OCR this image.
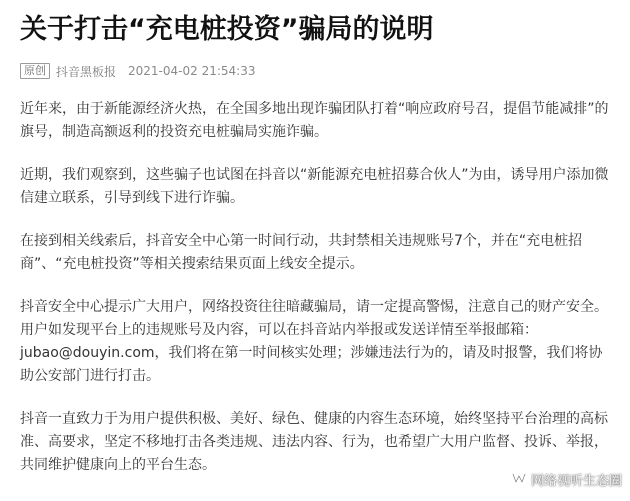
关于打击“充电桩投资”骗局的说明
原创 抖音黑板报 2021-04-02 21:54:33

近年来，由于新能源经济火热，在全国多地出现诈骗团队打着“响应政府号召，提倡节能减排”的旗号，制造高额返利的投资充电桩骗局实施诈骗。

近期，我们观察到，这些骗子也试图在抖音以“新能源充电桩招募合伙人”为由，诱导用户添加微信建立联系，引导到线下进行诈骗。

在接到相关线索后，抖音安全中心第一时间行动，共封禁相关违规账号7个，并在“充电桩招商”、“充电桩投资”等相关搜索结果页面上线安全提示。

抖音安全中心提示广大用户，网络投资往往暗藏骗局，请一定提高警惕，注意自己的财产安全。用户如发现平台上的违规账号及内容，可以在抖音站内举报或发送详情至举报邮箱：jubao@douyin.com，我们将在第一时间核实处理；涉嫌违法行为的，请及时报警，我们将协助公安部门进行打击。

抖音一直致力于为用户提供积极、美好、绿色、健康的内容生态环境，始终坚持平台治理的高标准、高要求，坚定不移地打击各类违规、违法内容、行为，也希望广大用户监督、投诉、举报，共同维护健康向上的平台生态。

网络视听生态圈
